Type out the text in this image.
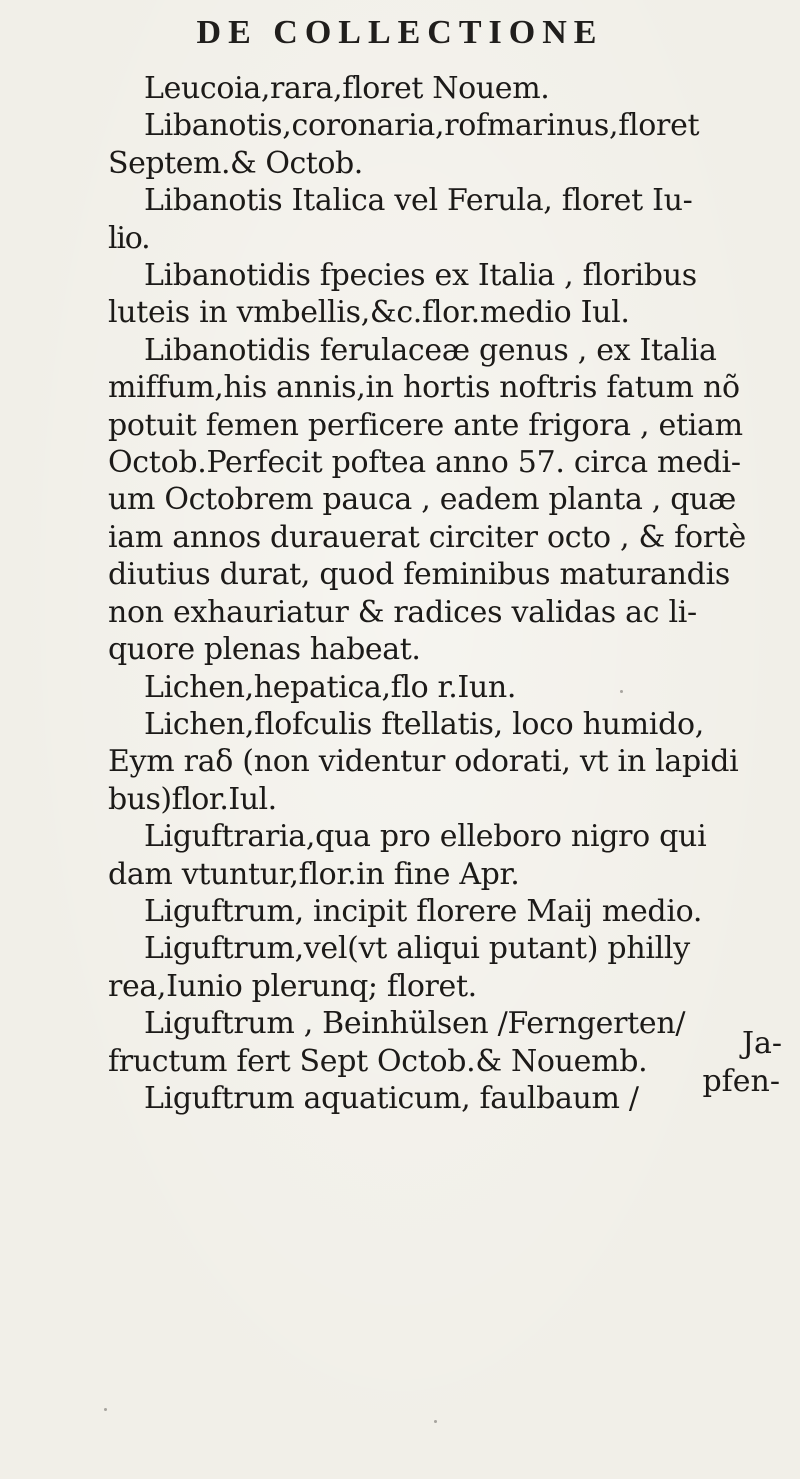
DE COLLECTIONE
Leucoia,rara,floret Nouem.
Libanotis,coronaria,rofmarinus,floret
Septem.& Octob.
Libanotis Italica vel Ferula, floret Iu-
lio.
Libanotidis fpecies ex Italia , floribus
luteis in vmbellis,&c.flor.medio Iul.
Libanotidis ferulaceæ genus , ex Italia
miffum,his annis,in hortis noftris fatum nõ
potuit femen perficere ante frigora , etiam
Octob.Perfecit poftea anno 57. circa medi-
um Octobrem pauca , eadem planta , quæ
iam annos durauerat circiter octo , & fortè
diutius durat, quod feminibus maturandis
non exhauriatur & radices validas ac li-
quore plenas habeat.
Lichen,hepatica,flo r.Iun.
Lichen,flofculis ftellatis, loco humido,
Eym raδ (non videntur odorati, vt in lapidi
bus)flor.Iul.
Liguftraria,qua pro elleboro nigro qui
dam vtuntur,flor.in fine Apr.
Liguftrum, incipit florere Maij medio.
Liguftrum,vel(vt aliqui putant) philly
rea,Iunio plerunq; floret.
Liguftrum , Beinhülsen /Ferngerten/
fructum fert Sept Octob.& Nouemb.
Liguftrum aquaticum, faulbaum /
Ja-
pfen-
